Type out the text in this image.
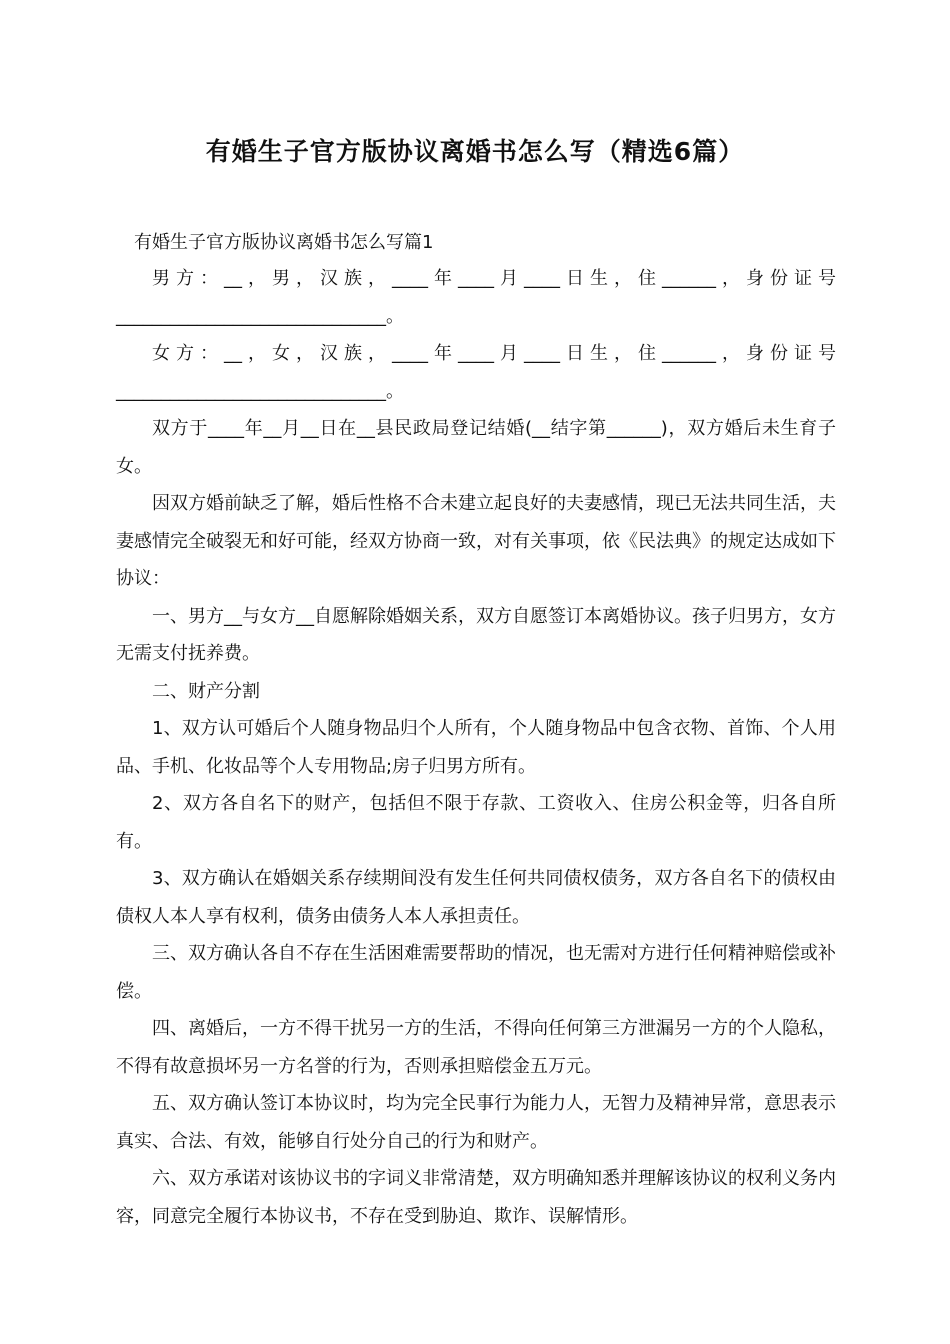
有婚生子官方版协议离婚书怎么写（精选6篇）
有婚生子官方版协议离婚书怎么写篇1

男方：__，男，汉族，____年____月____日生，住______，身份证号______________________________。

女方：__，女，汉族，____年____月____日生，住______，身份证号______________________________。

双方于____年__月__日在__县民政局登记结婚(__结字第______)，双方婚后未生育子女。

因双方婚前缺乏了解，婚后性格不合未建立起良好的夫妻感情，现已无法共同生活，夫妻感情完全破裂无和好可能，经双方协商一致，对有关事项，依《民法典》的规定达成如下协议：

一、男方__与女方__自愿解除婚姻关系，双方自愿签订本离婚协议。孩子归男方，女方无需支付抚养费。

二、财产分割

1、双方认可婚后个人随身物品归个人所有，个人随身物品中包含衣物、首饰、个人用品、手机、化妆品等个人专用物品;房子归男方所有。

2、双方各自名下的财产，包括但不限于存款、工资收入、住房公积金等，归各自所有。

3、双方确认在婚姻关系存续期间没有发生任何共同债权债务，双方各自名下的债权由债权人本人享有权利，债务由债务人本人承担责任。

三、双方确认各自不存在生活困难需要帮助的情况，也无需对方进行任何精神赔偿或补偿。

四、离婚后，一方不得干扰另一方的生活，不得向任何第三方泄漏另一方的个人隐私，不得有故意损坏另一方名誉的行为，否则承担赔偿金五万元。

五、双方确认签订本协议时，均为完全民事行为能力人，无智力及精神异常，意思表示真实、合法、有效，能够自行处分自己的行为和财产。

六、双方承诺对该协议书的字词义非常清楚，双方明确知悉并理解该协议的权利义务内容，同意完全履行本协议书，不存在受到胁迫、欺诈、误解情形。
